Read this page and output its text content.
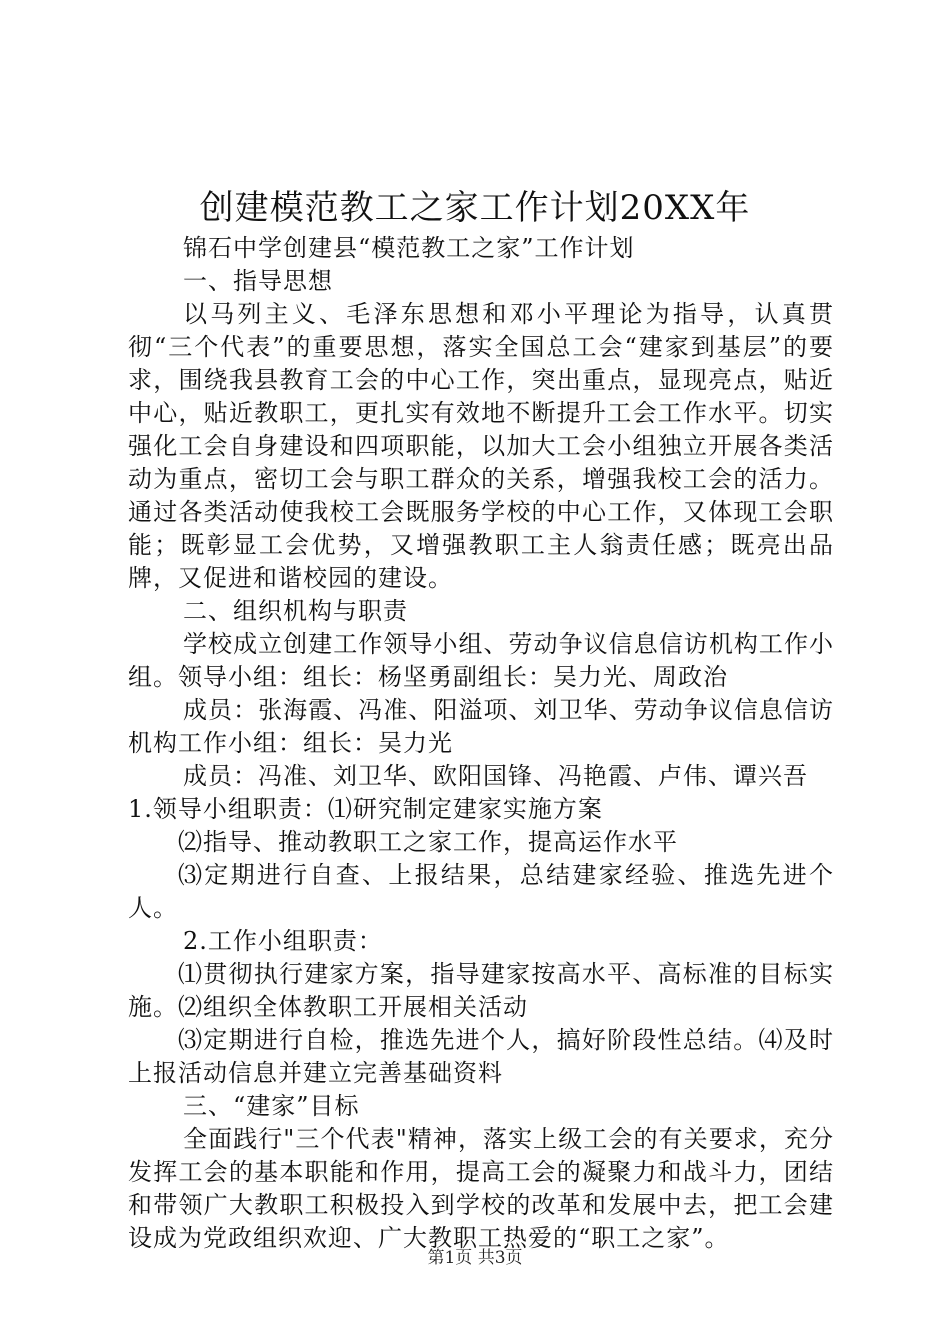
创建模范教工之家工作计划20XX年

锦石中学创建县“模范教工之家”工作计划

一、指导思想

以马列主义、毛泽东思想和邓小平理论为指导，认真贯彻“三个代表”的重要思想，落实全国总工会“建家到基层”的要求，围绕我县教育工会的中心工作，突出重点，显现亮点，贴近中心，贴近教职工，更扎实有效地不断提升工会工作水平。切实强化工会自身建设和四项职能，以加大工会小组独立开展各类活动为重点，密切工会与职工群众的关系，增强我校工会的活力。通过各类活动使我校工会既服务学校的中心工作，又体现工会职能；既彰显工会优势，又增强教职工主人翁责任感；既亮出品牌，又促进和谐校园的建设。

二、组织机构与职责

学校成立创建工作领导小组、劳动争议信息信访机构工作小组。领导小组：组长：杨坚勇副组长：吴力光、周政治

成员：张海霞、冯准、阳溢项、刘卫华、劳动争议信息信访机构工作小组：组长：吴力光

成员：冯准、刘卫华、欧阳国锋、冯艳霞、卢伟、谭兴吾

1.领导小组职责：⑴研究制定建家实施方案

⑵指导、推动教职工之家工作，提高运作水平

⑶定期进行自查、上报结果，总结建家经验、推选先进个人。

2.工作小组职责：

⑴贯彻执行建家方案，指导建家按高水平、高标准的目标实施。⑵组织全体教职工开展相关活动

⑶定期进行自检，推选先进个人，搞好阶段性总结。⑷及时上报活动信息并建立完善基础资料

三、“建家”目标

全面践行"三个代表"精神，落实上级工会的有关要求，充分发挥工会的基本职能和作用，提高工会的凝聚力和战斗力，团结和带领广大教职工积极投入到学校的改革和发展中去，把工会建设成为党政组织欢迎、广大教职工热爱的“职工之家”。

第1页 共3页
